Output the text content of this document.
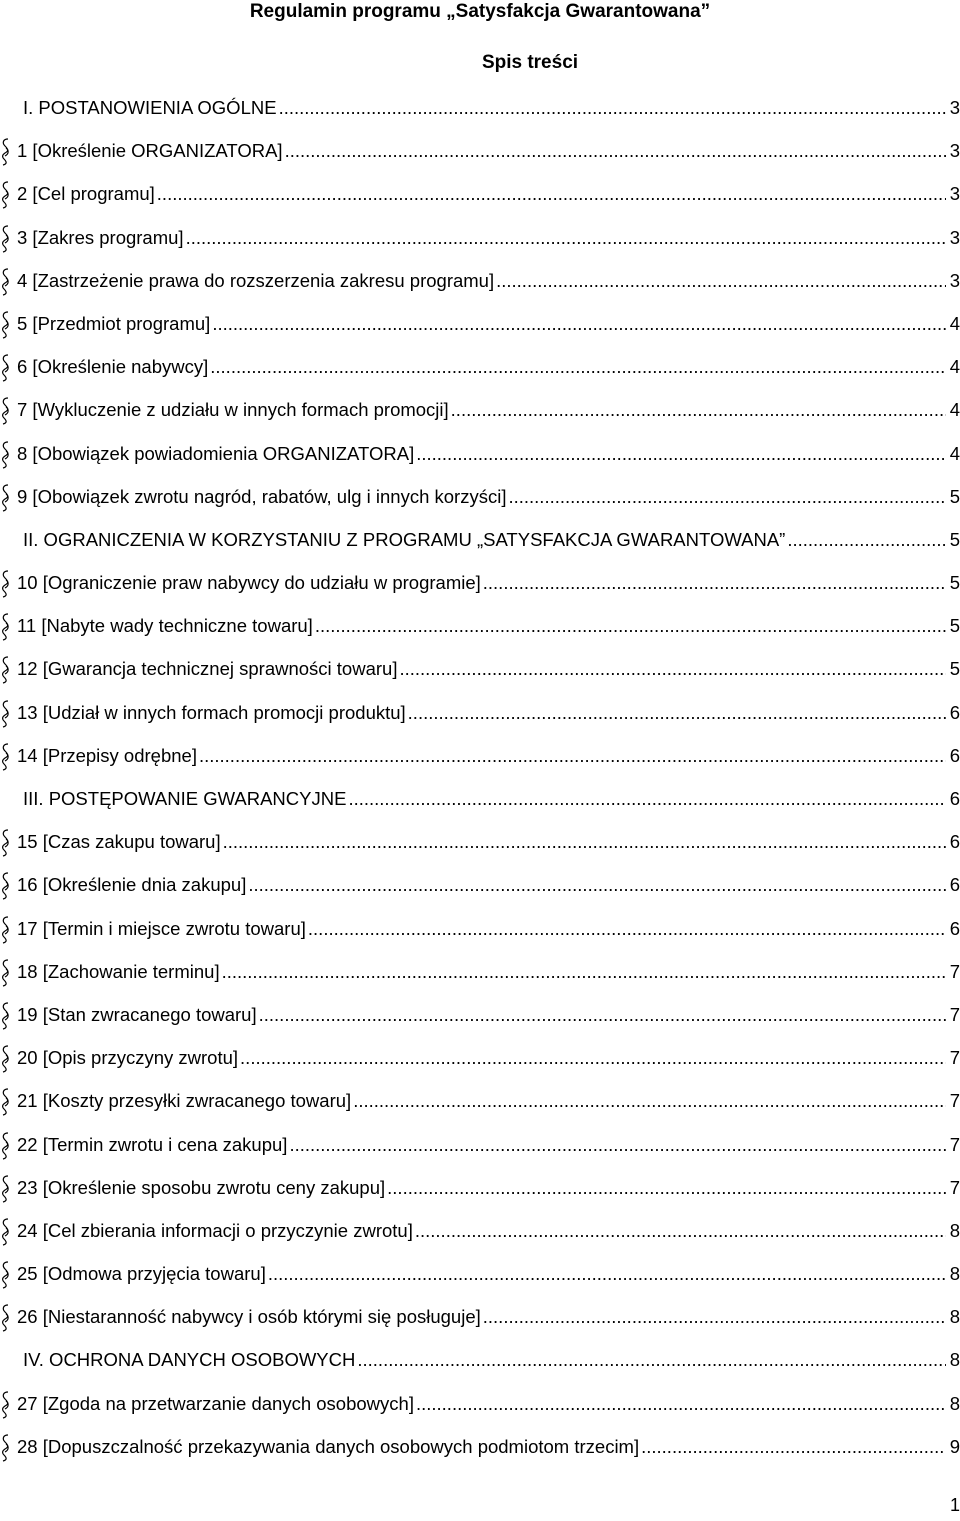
Regulamin programu „Satysfakcja Gwarantowana”
Spis treści
I. POSTANOWIENIA OGÓLNE .....	3
1 [Określenie ORGANIZATORA] .....	3
2 [Cel programu] .....	3
3 [Zakres programu] .....	3
4 [Zastrzeżenie prawa do rozszerzenia zakresu programu] .....	3
5 [Przedmiot programu] .....	4
6 [Określenie nabywcy] .....	4
7 [Wykluczenie z udziału w innych formach promocji] .....	4
8 [Obowiązek powiadomienia ORGANIZATORA] .....	4
9 [Obowiązek zwrotu nagród, rabatów, ulg i innych korzyści] .....	5
II. OGRANICZENIA W KORZYSTANIU Z PROGRAMU „SATYSFAKCJA GWARANTOWANA” .....	5
10 [Ograniczenie praw nabywcy do udziału w programie] .....	5
11 [Nabyte wady techniczne towaru] .....	5
12 [Gwarancja technicznej sprawności towaru] .....	5
13 [Udział w innych formach promocji produktu] .....	6
14 [Przepisy odrębne] .....	6
III. POSTĘPOWANIE GWARANCYJNE .....	6
15 [Czas zakupu towaru] .....	6
16 [Określenie dnia zakupu] .....	6
17 [Termin i miejsce zwrotu towaru] .....	6
18 [Zachowanie terminu] .....	7
19 [Stan zwracanego towaru] .....	7
20 [Opis przyczyny zwrotu] .....	7
21 [Koszty przesyłki zwracanego towaru] .....	7
22 [Termin zwrotu i cena zakupu] .....	7
23 [Określenie sposobu zwrotu ceny zakupu] .....	7
24 [Cel zbierania informacji o przyczynie zwrotu] .....	8
25 [Odmowa przyjęcia towaru] .....	8
26 [Niestaranność nabywcy i osób którymi się posługuje] .....	8
IV. OCHRONA DANYCH OSOBOWYCH .....	8
27 [Zgoda na przetwarzanie danych osobowych] .....	8
28 [Dopuszczalność przekazywania danych osobowych podmiotom trzecim] .....	9
1
